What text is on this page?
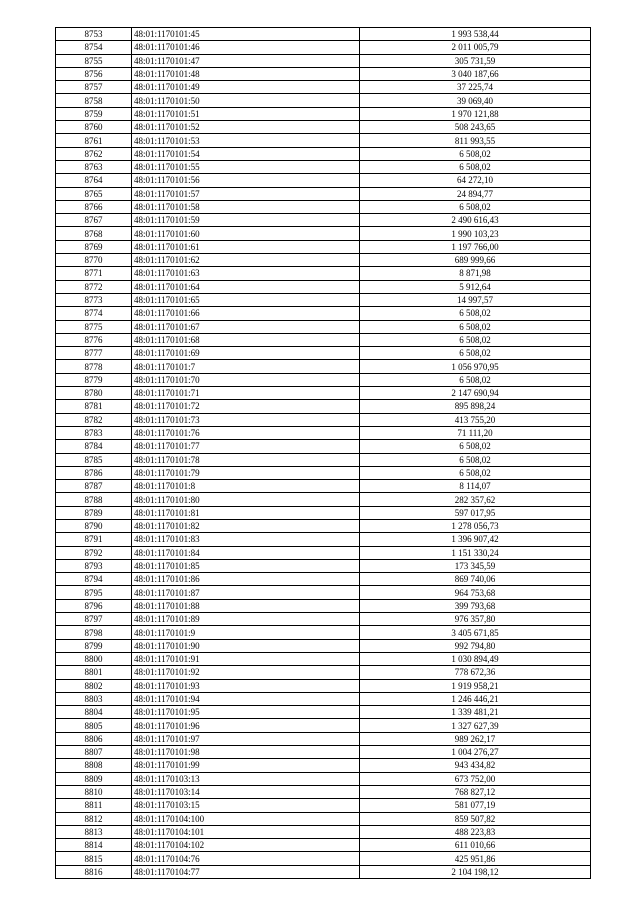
8753	48:01:1170101:45	1 993 538,44
8754	48:01:1170101:46	2 011 005,79
8755	48:01:1170101:47	305 731,59
8756	48:01:1170101:48	3 040 187,66
8757	48:01:1170101:49	37 225,74
8758	48:01:1170101:50	39 069,40
8759	48:01:1170101:51	1 970 121,88
8760	48:01:1170101:52	508 243,65
8761	48:01:1170101:53	811 993,55
8762	48:01:1170101:54	6 508,02
8763	48:01:1170101:55	6 508,02
8764	48:01:1170101:56	64 272,10
8765	48:01:1170101:57	24 894,77
8766	48:01:1170101:58	6 508,02
8767	48:01:1170101:59	2 490 616,43
8768	48:01:1170101:60	1 990 103,23
8769	48:01:1170101:61	1 197 766,00
8770	48:01:1170101:62	689 999,66
8771	48:01:1170101:63	8 871,98
8772	48:01:1170101:64	5 912,64
8773	48:01:1170101:65	14 997,57
8774	48:01:1170101:66	6 508,02
8775	48:01:1170101:67	6 508,02
8776	48:01:1170101:68	6 508,02
8777	48:01:1170101:69	6 508,02
8778	48:01:1170101:7	1 056 970,95
8779	48:01:1170101:70	6 508,02
8780	48:01:1170101:71	2 147 690,94
8781	48:01:1170101:72	895 898,24
8782	48:01:1170101:73	413 755,20
8783	48:01:1170101:76	71 111,20
8784	48:01:1170101:77	6 508,02
8785	48:01:1170101:78	6 508,02
8786	48:01:1170101:79	6 508,02
8787	48:01:1170101:8	8 114,07
8788	48:01:1170101:80	282 357,62
8789	48:01:1170101:81	597 017,95
8790	48:01:1170101:82	1 278 056,73
8791	48:01:1170101:83	1 396 907,42
8792	48:01:1170101:84	1 151 330,24
8793	48:01:1170101:85	173 345,59
8794	48:01:1170101:86	869 740,06
8795	48:01:1170101:87	964 753,68
8796	48:01:1170101:88	399 793,68
8797	48:01:1170101:89	976 357,80
8798	48:01:1170101:9	3 405 671,85
8799	48:01:1170101:90	992 794,80
8800	48:01:1170101:91	1 030 894,49
8801	48:01:1170101:92	778 672,36
8802	48:01:1170101:93	1 919 958,21
8803	48:01:1170101:94	1 246 446,21
8804	48:01:1170101:95	1 339 481,21
8805	48:01:1170101:96	1 327 627,39
8806	48:01:1170101:97	989 262,17
8807	48:01:1170101:98	1 004 276,27
8808	48:01:1170101:99	943 434,82
8809	48:01:1170103:13	673 752,00
8810	48:01:1170103:14	768 827,12
8811	48:01:1170103:15	581 077,19
8812	48:01:1170104:100	859 507,82
8813	48:01:1170104:101	488 223,83
8814	48:01:1170104:102	611 010,66
8815	48:01:1170104:76	425 951,86
8816	48:01:1170104:77	2 104 198,12
